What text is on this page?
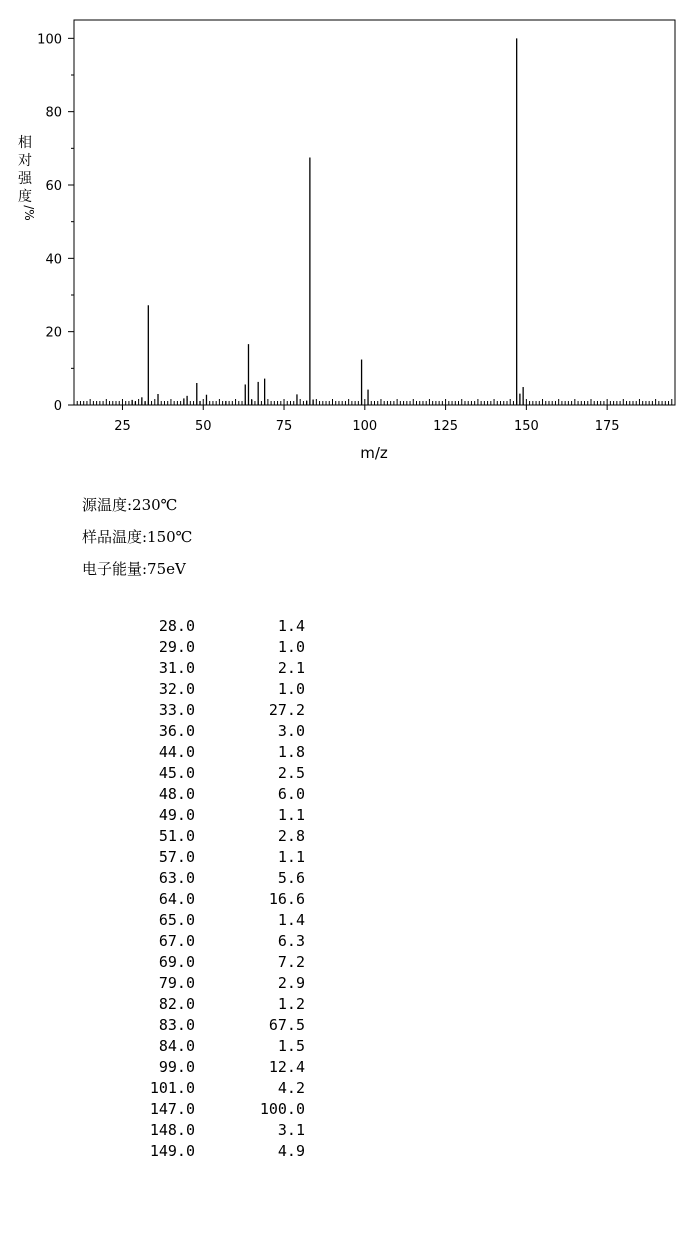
25	50	75	100	125	150	175
0
20
40
60
80
100
m/z
相
对
强
度
/%
源温度:230℃
样品温度:150℃
电子能量:75eV
28.0	1.4
29.0	1.0
31.0	2.1
32.0	1.0
33.0	27.2
36.0	3.0
44.0	1.8
45.0	2.5
48.0	6.0
49.0	1.1
51.0	2.8
57.0	1.1
63.0	5.6
64.0	16.6
65.0	1.4
67.0	6.3
69.0	7.2
79.0	2.9
82.0	1.2
83.0	67.5
84.0	1.5
99.0	12.4
101.0	4.2
147.0	100.0
148.0	3.1
149.0	4.9
